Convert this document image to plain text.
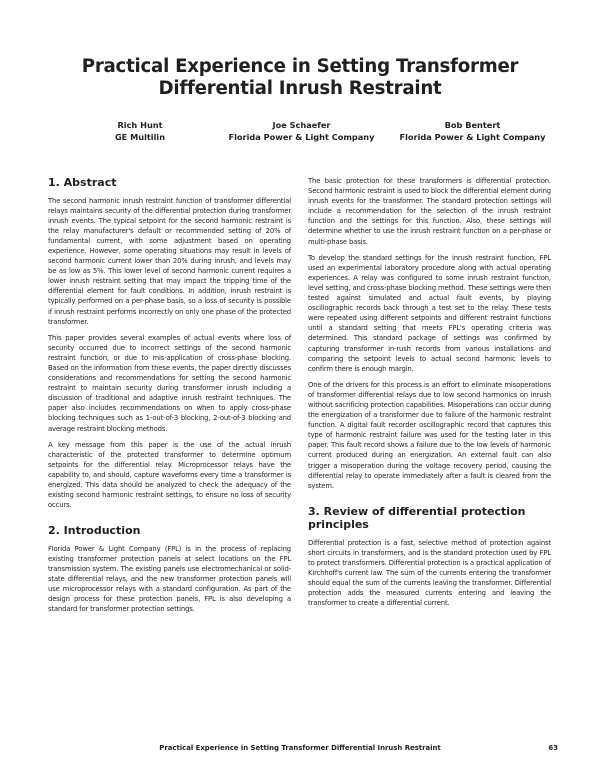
Practical Experience in Setting Transformer Differential Inrush Restraint
Rich Hunt
GE Multilin
Joe Schaefer
Florida Power & Light Company
Bob Bentert
Florida Power & Light Company
1. Abstract

The second harmonic inrush restraint function of transformer differential relays maintains security of the differential protection during transformer inrush events. The typical setpoint for the second harmonic restraint is the relay manufacturer's default or recommended setting of 20% of fundamental current, with some adjustment based on operating experience. However, some operating situations may result in levels of second harmonic current lower than 20% during inrush, and levels may be as low as 5%. This lower level of second harmonic current requires a lower inrush restraint setting that may impact the tripping time of the differential element for fault conditions. In addition, inrush restraint is typically performed on a per-phase basis, so a loss of security is possible if inrush restraint performs incorrectly on only one phase of the protected transformer.

This paper provides several examples of actual events where loss of security occurred due to incorrect settings of the second harmonic restraint function, or due to mis-application of cross-phase blocking. Based on the information from these events, the paper directly discusses considerations and recommendations for setting the second harmonic restraint to maintain security during transformer inrush including a discussion of traditional and adaptive inrush restraint techniques. The paper also includes recommendations on when to apply cross-phase blocking techniques such as 1-out-of-3 blocking, 2-out-of-3 blocking and average restraint blocking methods.

A key message from this paper is the use of the actual inrush characteristic of the protected transformer to determine optimum setpoints for the differential relay. Microprocessor relays have the capability to, and should, capture waveforms every time a transformer is energized. This data should be analyzed to check the adequacy of the existing second harmonic restraint settings, to ensure no loss of security occurs.

2. Introduction

Florida Power & Light Company (FPL) is in the process of replacing existing transformer protection panels at select locations on the FPL transmission system. The existing panels use electromechanical or solid-state differential relays, and the new transformer protection panels will use microprocessor relays with a standard configuration. As part of the design process for these protection panels, FPL is also developing a standard for transformer protection settings.

The basic protection for these transformers is differential protection. Second harmonic restraint is used to block the differential element during inrush events for the transformer. The standard protection settings will include a recommendation for the selection of the inrush restraint function and the settings for this function. Also, these settings will determine whether to use the inrush restraint function on a per-phase or multi-phase basis.

To develop the standard settings for the inrush restraint function, FPL used an experimental laboratory procedure along with actual operating experiences. A relay was configured to some inrush restraint function, level setting, and cross-phase blocking method. These settings were then tested against simulated and actual fault events, by playing oscillographic records back through a test set to the relay. These tests were repeated using different setpoints and different restraint functions until a standard setting that meets FPL's operating criteria was determined. This standard package of settings was confirmed by capturing transformer in-rush records from various installations and comparing the setpoint levels to actual second harmonic levels to confirm there is enough margin.

One of the drivers for this process is an effort to eliminate misoperations of transformer differential relays due to low second harmonics on inrush without sacrificing protection capabilities. Misoperations can occur during the energization of a transformer due to failure of the harmonic restraint function. A digital fault recorder oscillographic record that captures this type of harmonic restraint failure was used for the testing later in this paper. This fault record shows a failure due to the low levels of harmonic current produced during an energization. An external fault can also trigger a misoperation during the voltage recovery period, causing the differential relay to operate immediately after a fault is cleared from the system.

3. Review of differential protection principles

Differential protection is a fast, selective method of protection against short circuits in transformers, and is the standard protection used by FPL to protect transformers. Differential protection is a practical application of Kirchhoff's current law. The sum of the currents entering the transformer should equal the sum of the currents leaving the transformer. Differential protection adds the measured currents entering and leaving the transformer to create a differential current.

Practical Experience in Setting Transformer Differential Inrush Restraint	63
